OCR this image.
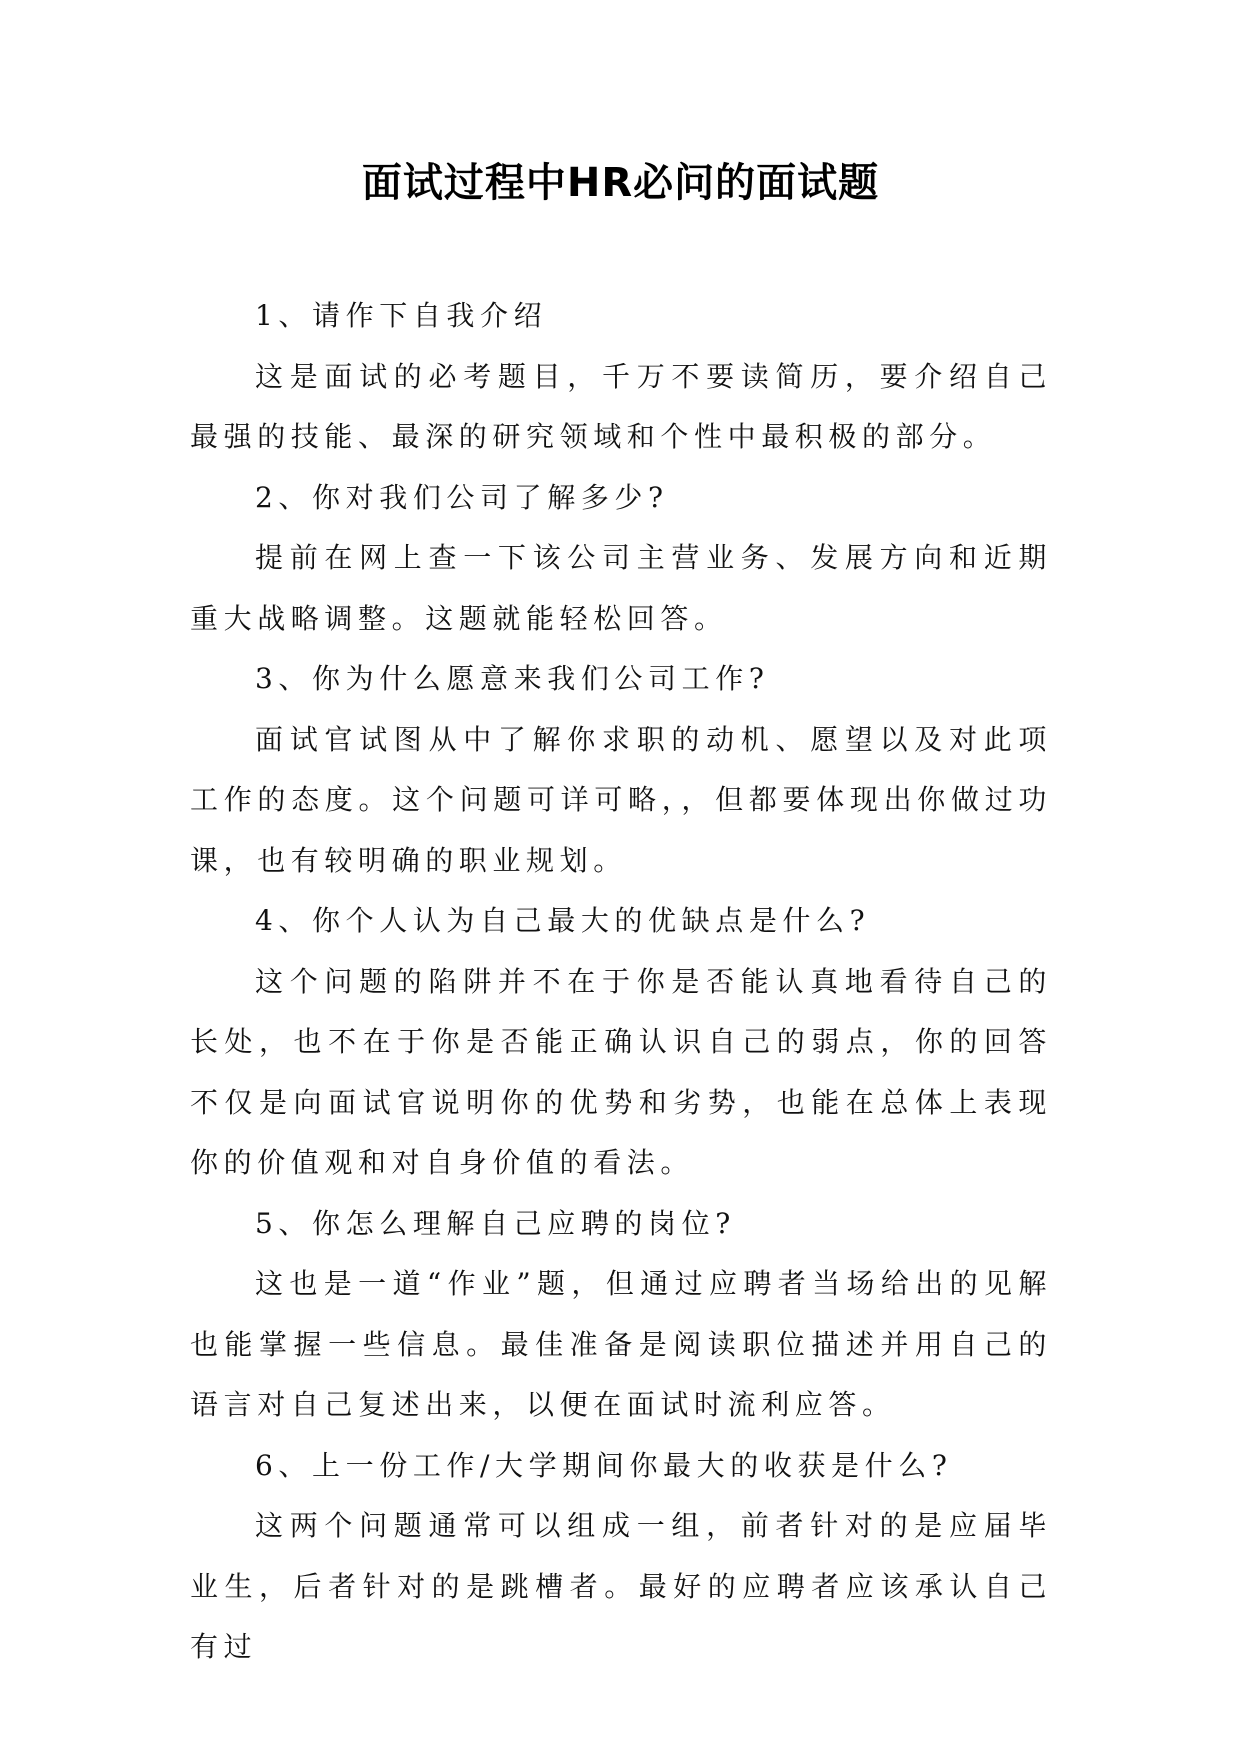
面试过程中HR必问的面试题

1、请作下自我介绍

这是面试的必考题目，千万不要读简历，要介绍自己最强的技能、最深的研究领域和个性中最积极的部分。

2、你对我们公司了解多少?

提前在网上查一下该公司主营业务、发展方向和近期重大战略调整。这题就能轻松回答。

3、你为什么愿意来我们公司工作?

面试官试图从中了解你求职的动机、愿望以及对此项工作的态度。这个问题可详可略，，但都要体现出你做过功课，也有较明确的职业规划。

4、你个人认为自己最大的优缺点是什么?

这个问题的陷阱并不在于你是否能认真地看待自己的长处，也不在于你是否能正确认识自己的弱点，你的回答不仅是向面试官说明你的优势和劣势，也能在总体上表现你的价值观和对自身价值的看法。

5、你怎么理解自己应聘的岗位?

这也是一道“作业”题，但通过应聘者当场给出的见解也能掌握一些信息。最佳准备是阅读职位描述并用自己的语言对自己复述出来，以便在面试时流利应答。

6、上一份工作/大学期间你最大的收获是什么?

这两个问题通常可以组成一组，前者针对的是应届毕业生，后者针对的是跳槽者。最好的应聘者应该承认自己有过
